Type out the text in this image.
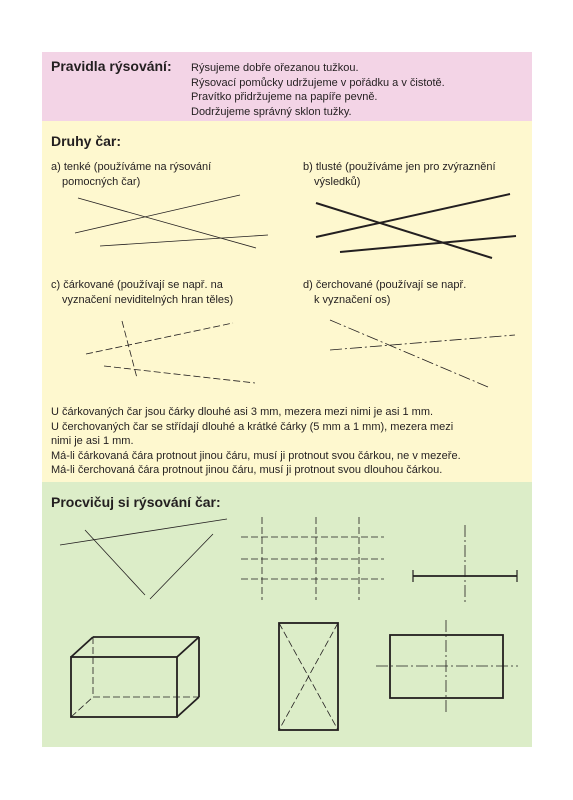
Pravidla rýsování: Rýsujeme dobře ořezanou tužkou.
Rýsovací pomůcky udržujeme v pořádku a v čistotě.
Pravítko přidržujeme na papíře pevně.
Dodržujeme správný sklon tužky.
Druhy čar:
a) tenké (používáme na rýsování
pomocných čar)
b) tlusté (používáme jen pro zvýraznění
výsledků)
c) čárkované (používají se např. na
vyznačení neviditelných hran těles)
d) čerchované (používají se např.
k vyznačení os)
U čárkovaných čar jsou čárky dlouhé asi 3 mm, mezera mezi nimi je asi 1 mm.
U čerchovaných čar se střídají dlouhé a krátké čárky (5 mm a 1 mm), mezera mezi
nimi je asi 1 mm.
Má-li čárkovaná čára protnout jinou čáru, musí ji protnout svou čárkou, ne v mezeře.
Má-li čerchovaná čára protnout jinou čáru, musí ji protnout svou dlouhou čárkou.
Procvičuj si rýsování čar:
